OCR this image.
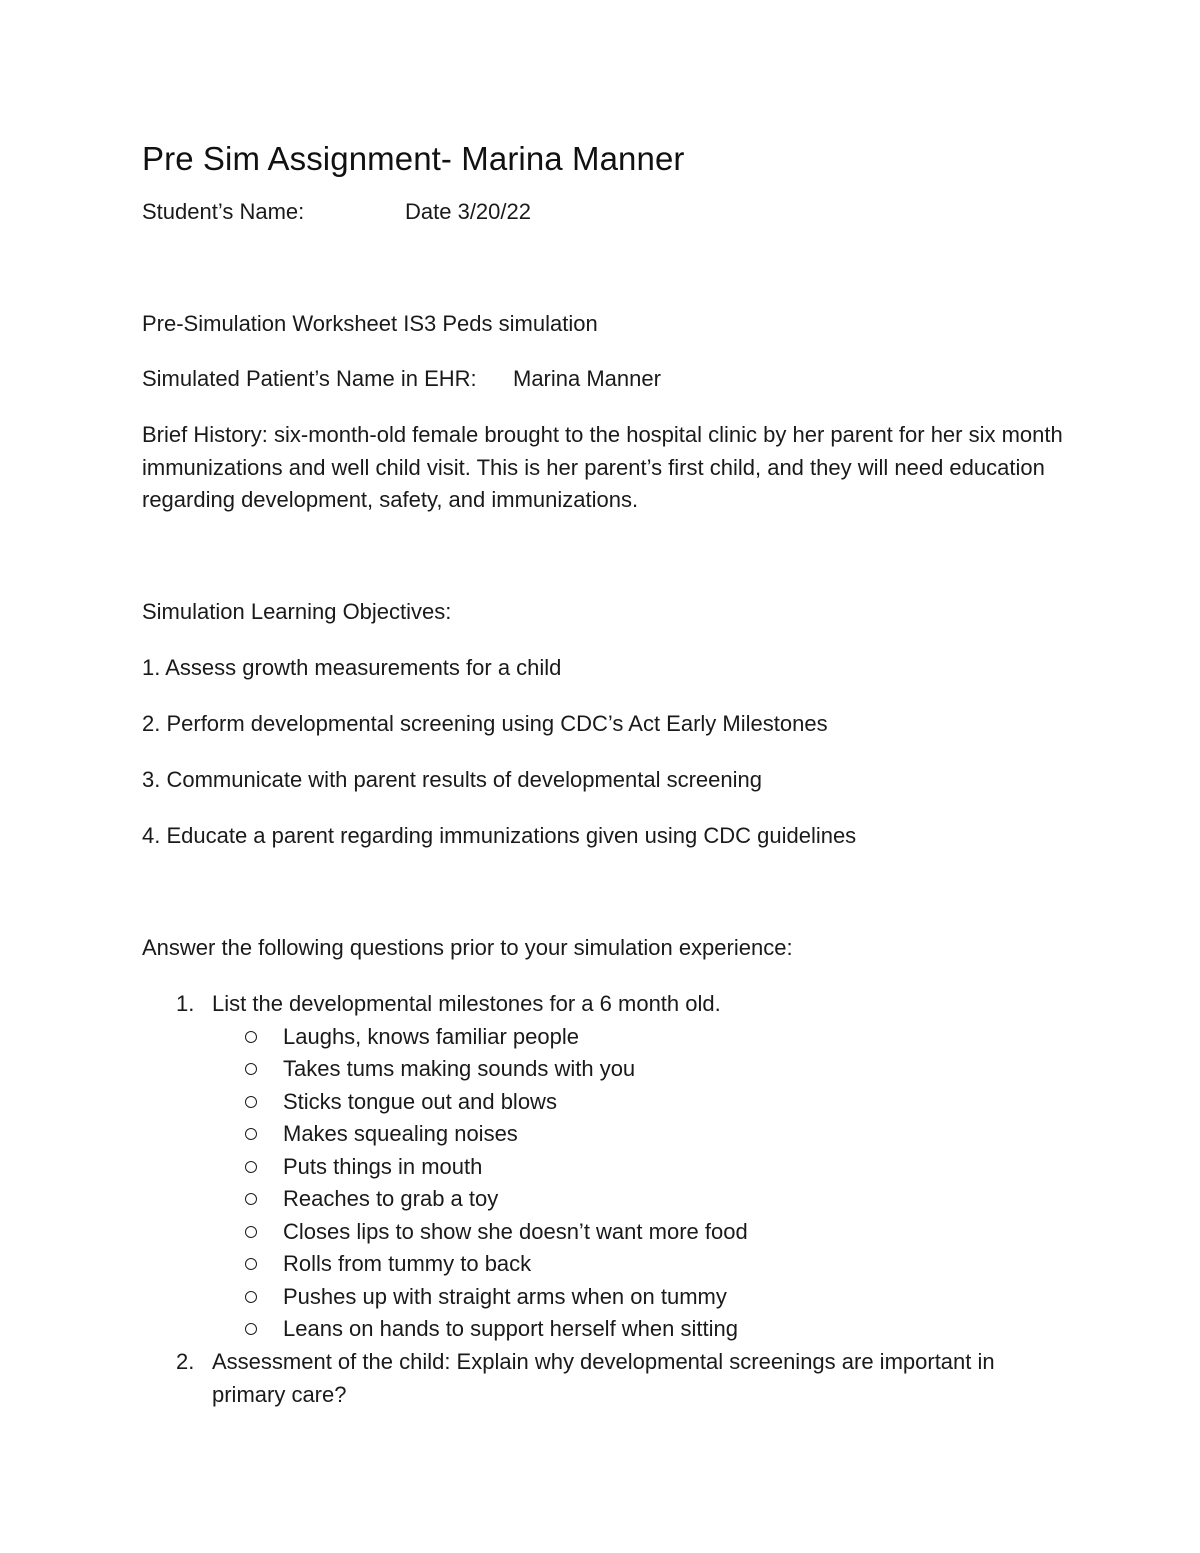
Pre Sim Assignment- Marina Manner
Student’s Name:	Date 3/20/22
Pre-Simulation Worksheet IS3 Peds simulation
Simulated Patient’s Name in EHR: Marina Manner
Brief History: six-month-old female brought to the hospital clinic by her parent for her six month immunizations and well child visit. This is her parent’s first child, and they will need education regarding development, safety, and immunizations.
Simulation Learning Objectives:
1. Assess growth measurements for a child
2. Perform developmental screening using CDC’s Act Early Milestones
3. Communicate with parent results of developmental screening
4. Educate a parent regarding immunizations given using CDC guidelines
Answer the following questions prior to your simulation experience:
1. List the developmental milestones for a 6 month old.
Laughs, knows familiar people
Takes tums making sounds with you
Sticks tongue out and blows
Makes squealing noises
Puts things in mouth
Reaches to grab a toy
Closes lips to show she doesn’t want more food
Rolls from tummy to back
Pushes up with straight arms when on tummy
Leans on hands to support herself when sitting
2. Assessment of the child: Explain why developmental screenings are important in primary care?
